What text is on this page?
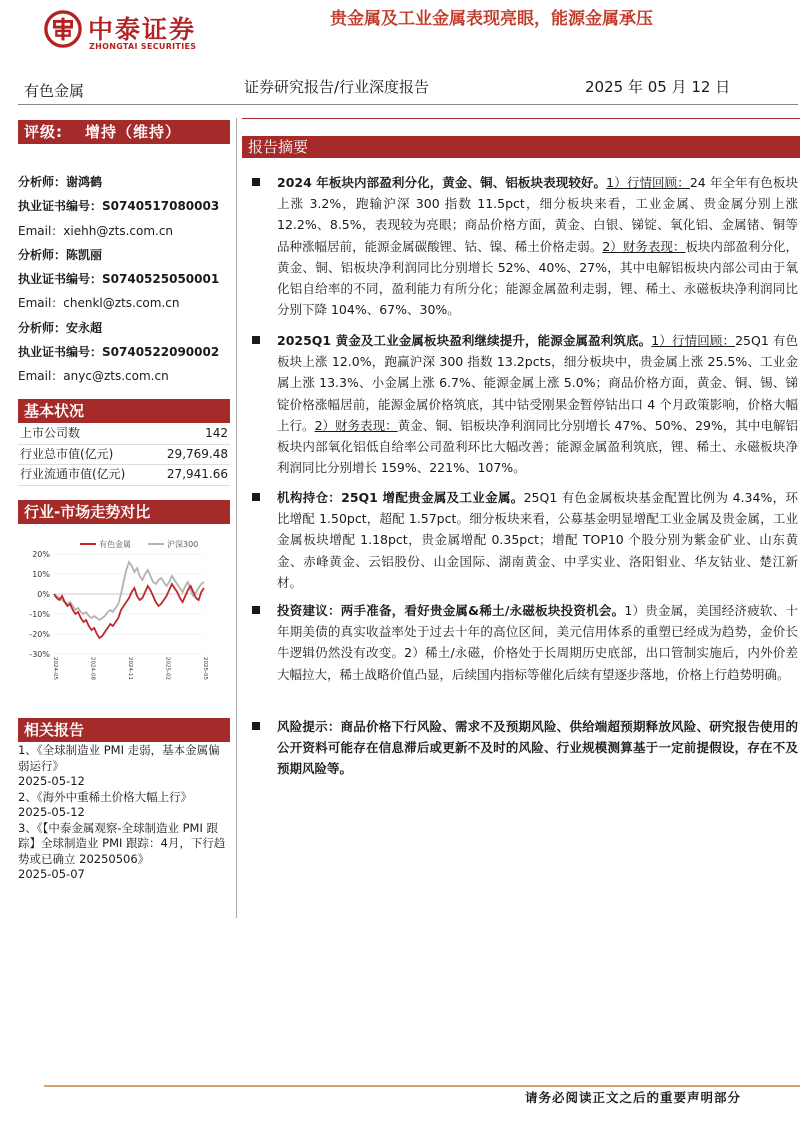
中泰证券
ZHONGTAI SECURITIES
贵金属及工业金属表现亮眼，能源金属承压
有色金属	证券研究报告/行业深度报告	2025 年 05 月 12 日
评级: 增持（维持）
分析师：谢鸿鹤
执业证书编号：S0740517080003
Email：xiehh@zts.com.cn
分析师：陈凯丽
执业证书编号：S0740525050001
Email：chenkl@zts.com.cn
分析师：安永超
执业证书编号：S0740522090002
Email：anyc@zts.com.cn
基本状况
上市公司数	142
行业总市值(亿元)	29,769.48
行业流通市值(亿元)	27,941.66
行业-市场走势对比
20%
10%
0%
-10%
-20%
-30%
2024-05	2024-08	2024-11	2025-02	2025-05
有色金属	沪深300
相关报告
1、《全球制造业 PMI 走弱，基本金属偏弱运行》
2025-05-12
2、《海外中重稀土价格大幅上行》
2025-05-12
3、《【中泰金属观察-全球制造业 PMI 跟踪】全球制造业 PMI 跟踪：4月，下行趋势或已确立 20250506》
2025-05-07
报告摘要
2024 年板块内部盈利分化，黄金、铜、铝板块表现较好。1）行情回顾：24 年全年有色板块上涨 3.2%，跑输沪深 300 指数 11.5pct，细分板块来看，工业金属、贵金属分别上涨 12.2%、8.5%，表现较为亮眼；商品价格方面，黄金、白银、锑锭、氧化铝、金属锗、铜等品种涨幅居前，能源金属碳酸锂、钴、镍、稀土价格走弱。2）财务表现：板块内部盈利分化，黄金、铜、铝板块净利润同比分别增长 52%、40%、27%，其中电解铝板块内部公司由于氧化铝自给率的不同，盈利能力有所分化；能源金属盈利走弱，锂、稀土、永磁板块净利润同比分别下降 104%、67%、30%。
2025Q1 黄金及工业金属板块盈利继续提升，能源金属盈利筑底。1）行情回顾：25Q1 有色板块上涨 12.0%，跑赢沪深 300 指数 13.2pcts，细分板块中，贵金属上涨 25.5%、工业金属上涨 13.3%、小金属上涨 6.7%、能源金属上涨 5.0%；商品价格方面，黄金、铜、锡、锑锭价格涨幅居前，能源金属价格筑底，其中钴受刚果金暂停钴出口 4 个月政策影响，价格大幅上行。2）财务表现：黄金、铜、铝板块净利润同比分别增长 47%、50%、29%，其中电解铝板块内部氧化铝低自给率公司盈利环比大幅改善；能源金属盈利筑底，锂、稀土、永磁板块净利润同比分别增长 159%、221%、107%。
机构持仓：25Q1 增配贵金属及工业金属。25Q1 有色金属板块基金配置比例为 4.34%，环比增配 1.50pct，超配 1.57pct。细分板块来看，公募基金明显增配工业金属及贵金属，工业金属板块增配 1.18pct，贵金属增配 0.35pct；增配 TOP10 个股分别为紫金矿业、山东黄金、赤峰黄金、云铝股份、山金国际、湖南黄金、中孚实业、洛阳钼业、华友钴业、楚江新材。
投资建议：两手准备，看好贵金属&稀土/永磁板块投资机会。1）贵金属，美国经济疲软、十年期美债的真实收益率处于过去十年的高位区间，美元信用体系的重塑已经成为趋势，金价长牛逻辑仍然没有改变。2）稀土/永磁，价格处于长周期历史底部，出口管制实施后，内外价差大幅拉大，稀土战略价值凸显，后续国内指标等催化后续有望逐步落地，价格上行趋势明确。
风险提示：商品价格下行风险、需求不及预期风险、供给端超预期释放风险、研究报告使用的公开资料可能存在信息滞后或更新不及时的风险、行业规模测算基于一定前提假设，存在不及预期风险等。
请务必阅读正文之后的重要声明部分
